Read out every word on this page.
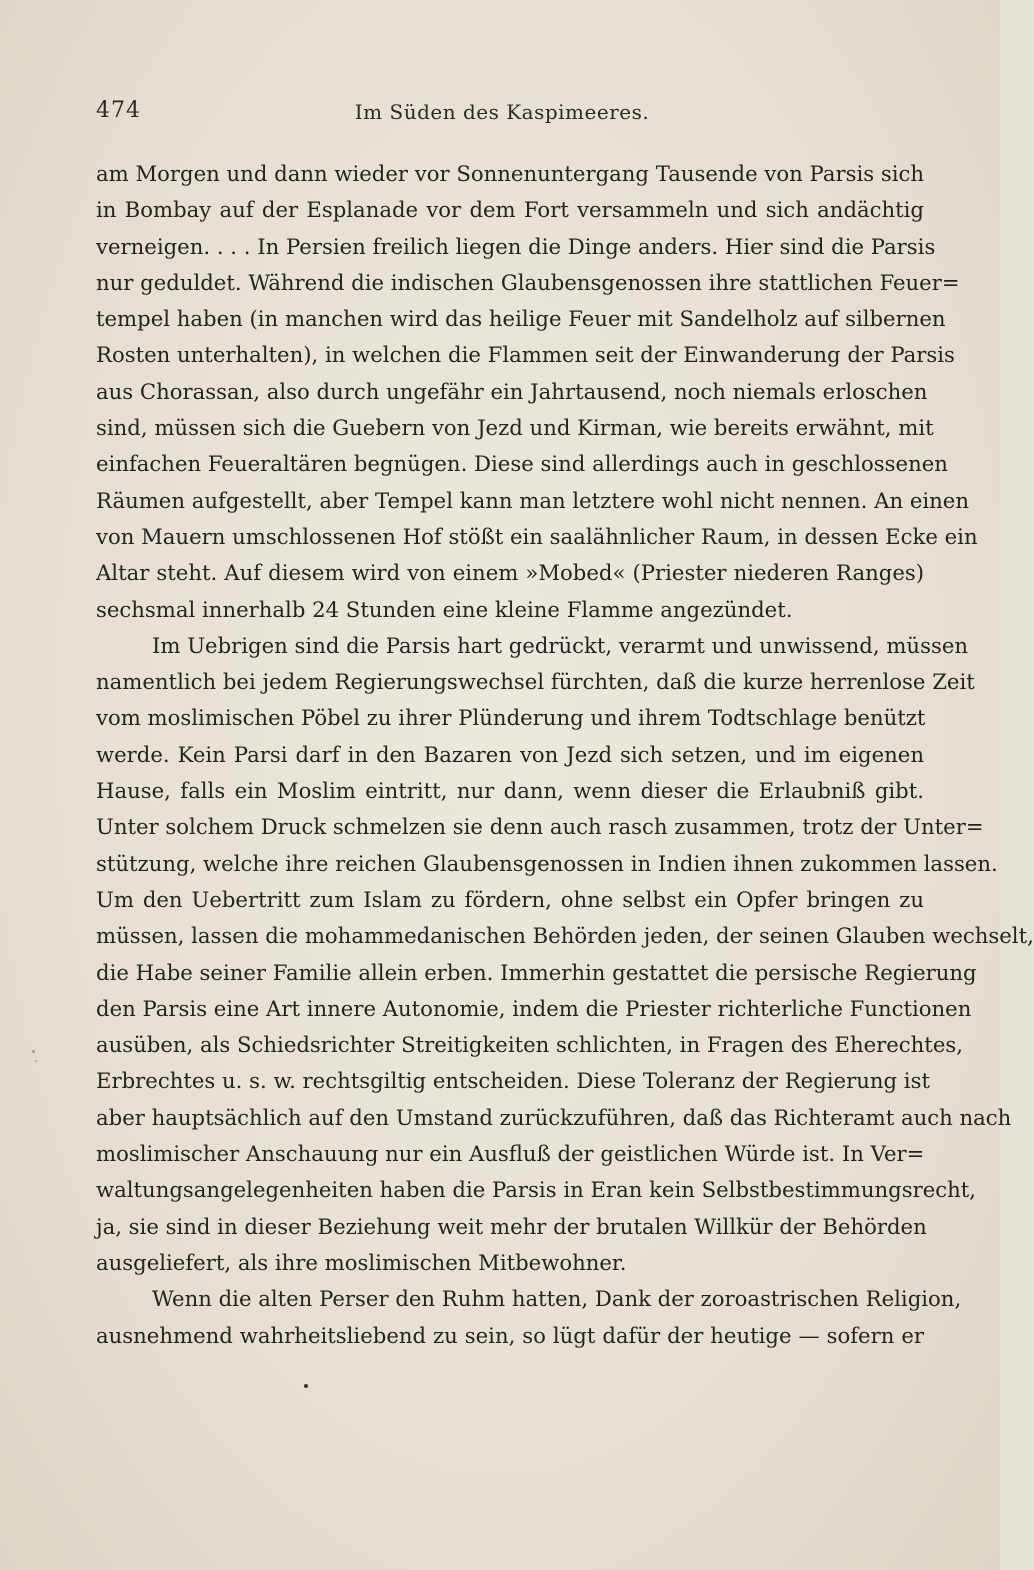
474	Im Süden des Kaspimeeres.
am Morgen und dann wieder vor Sonnenuntergang Tausende von Parsis sich
in Bombay auf der Esplanade vor dem Fort versammeln und sich andächtig
verneigen. . . . In Persien freilich liegen die Dinge anders. Hier sind die Parsis
nur geduldet. Während die indischen Glaubensgenossen ihre stattlichen Feuer=
tempel haben (in manchen wird das heilige Feuer mit Sandelholz auf silbernen
Rosten unterhalten), in welchen die Flammen seit der Einwanderung der Parsis
aus Chorassan, also durch ungefähr ein Jahrtausend, noch niemals erloschen
sind, müssen sich die Guebern von Jezd und Kirman, wie bereits erwähnt, mit
einfachen Feueraltären begnügen. Diese sind allerdings auch in geschlossenen
Räumen aufgestellt, aber Tempel kann man letztere wohl nicht nennen. An einen
von Mauern umschlossenen Hof stößt ein saalähnlicher Raum, in dessen Ecke ein
Altar steht. Auf diesem wird von einem »Mobed« (Priester niederen Ranges)
sechsmal innerhalb 24 Stunden eine kleine Flamme angezündet.
Im Uebrigen sind die Parsis hart gedrückt, verarmt und unwissend, müssen
namentlich bei jedem Regierungswechsel fürchten, daß die kurze herrenlose Zeit
vom moslimischen Pöbel zu ihrer Plünderung und ihrem Todtschlage benützt
werde. Kein Parsi darf in den Bazaren von Jezd sich setzen, und im eigenen
Hause, falls ein Moslim eintritt, nur dann, wenn dieser die Erlaubniß gibt.
Unter solchem Druck schmelzen sie denn auch rasch zusammen, trotz der Unter=
stützung, welche ihre reichen Glaubensgenossen in Indien ihnen zukommen lassen.
Um den Uebertritt zum Islam zu fördern, ohne selbst ein Opfer bringen zu
müssen, lassen die mohammedanischen Behörden jeden, der seinen Glauben wechselt,
die Habe seiner Familie allein erben. Immerhin gestattet die persische Regierung
den Parsis eine Art innere Autonomie, indem die Priester richterliche Functionen
ausüben, als Schiedsrichter Streitigkeiten schlichten, in Fragen des Eherechtes,
Erbrechtes u. s. w. rechtsgiltig entscheiden. Diese Toleranz der Regierung ist
aber hauptsächlich auf den Umstand zurückzuführen, daß das Richteramt auch nach
moslimischer Anschauung nur ein Ausfluß der geistlichen Würde ist. In Ver=
waltungsangelegenheiten haben die Parsis in Eran kein Selbstbestimmungsrecht,
ja, sie sind in dieser Beziehung weit mehr der brutalen Willkür der Behörden
ausgeliefert, als ihre moslimischen Mitbewohner.
Wenn die alten Perser den Ruhm hatten, Dank der zoroastrischen Religion,
ausnehmend wahrheitsliebend zu sein, so lügt dafür der heutige — sofern er
